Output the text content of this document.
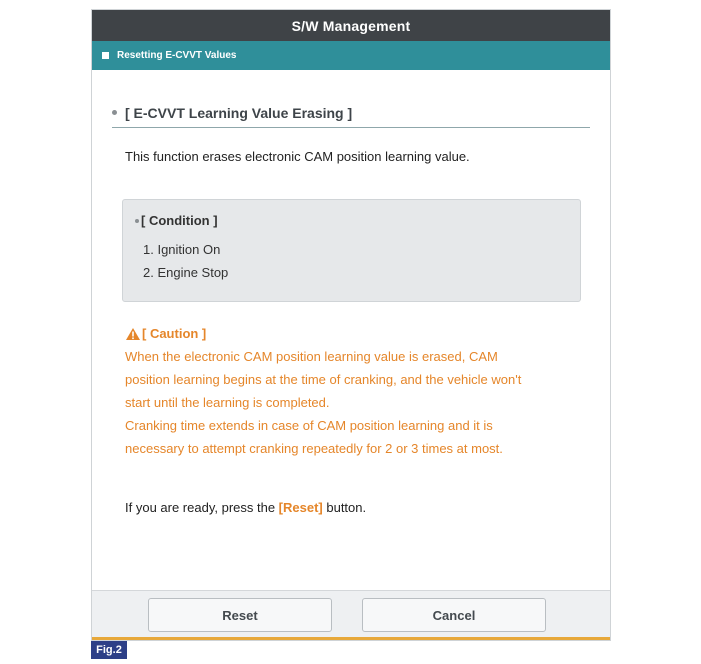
S/W Management
Resetting E-CVVT Values
[ E-CVVT Learning Value Erasing ]
This function erases electronic CAM position learning value.
[ Condition ]
1. Ignition On
2. Engine Stop
[ Caution ]
When the electronic CAM position learning value is erased, CAM
position learning begins at the time of cranking, and the vehicle won't
start until the learning is completed.
Cranking time extends in case of CAM position learning and it is
necessary to attempt cranking repeatedly for 2 or 3 times at most.
If you are ready, press the [Reset] button.
Reset	Cancel
Fig.2
